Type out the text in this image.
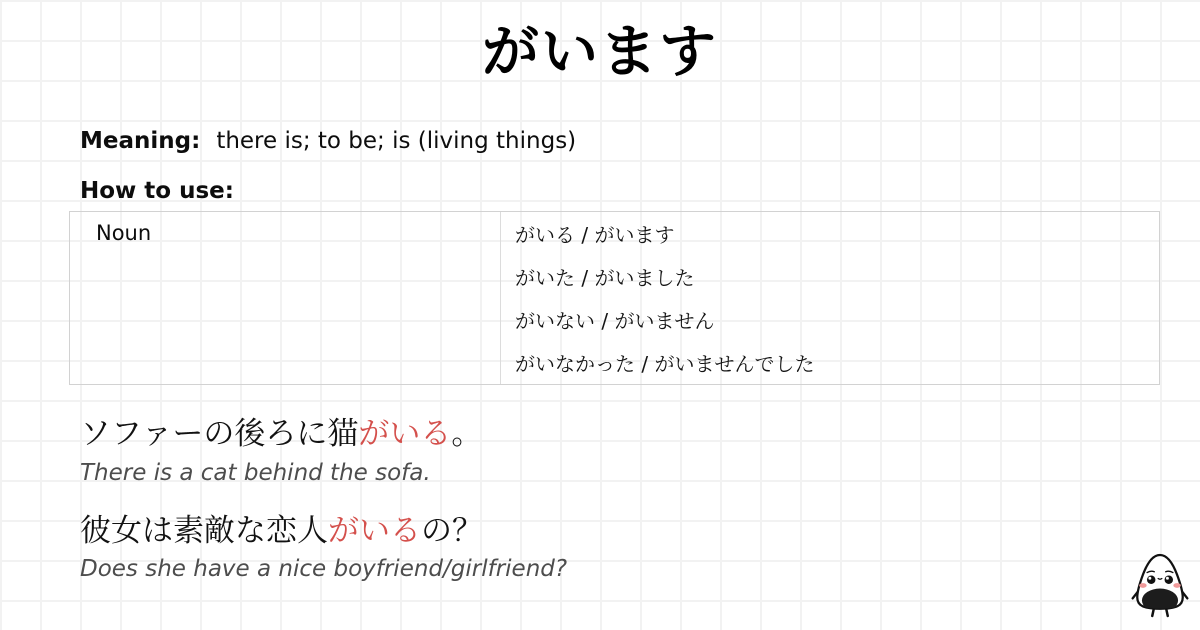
がいます
Meaning: there is; to be; is (living things)
How to use:
Noun	がいる / がいます
がいた / がいました
がいない / がいません
がいなかった / がいませんでした
ソファーの後ろに猫がいる。
There is a cat behind the sofa.
彼女は素敵な恋人がいるの？
Does she have a nice boyfriend/girlfriend?
